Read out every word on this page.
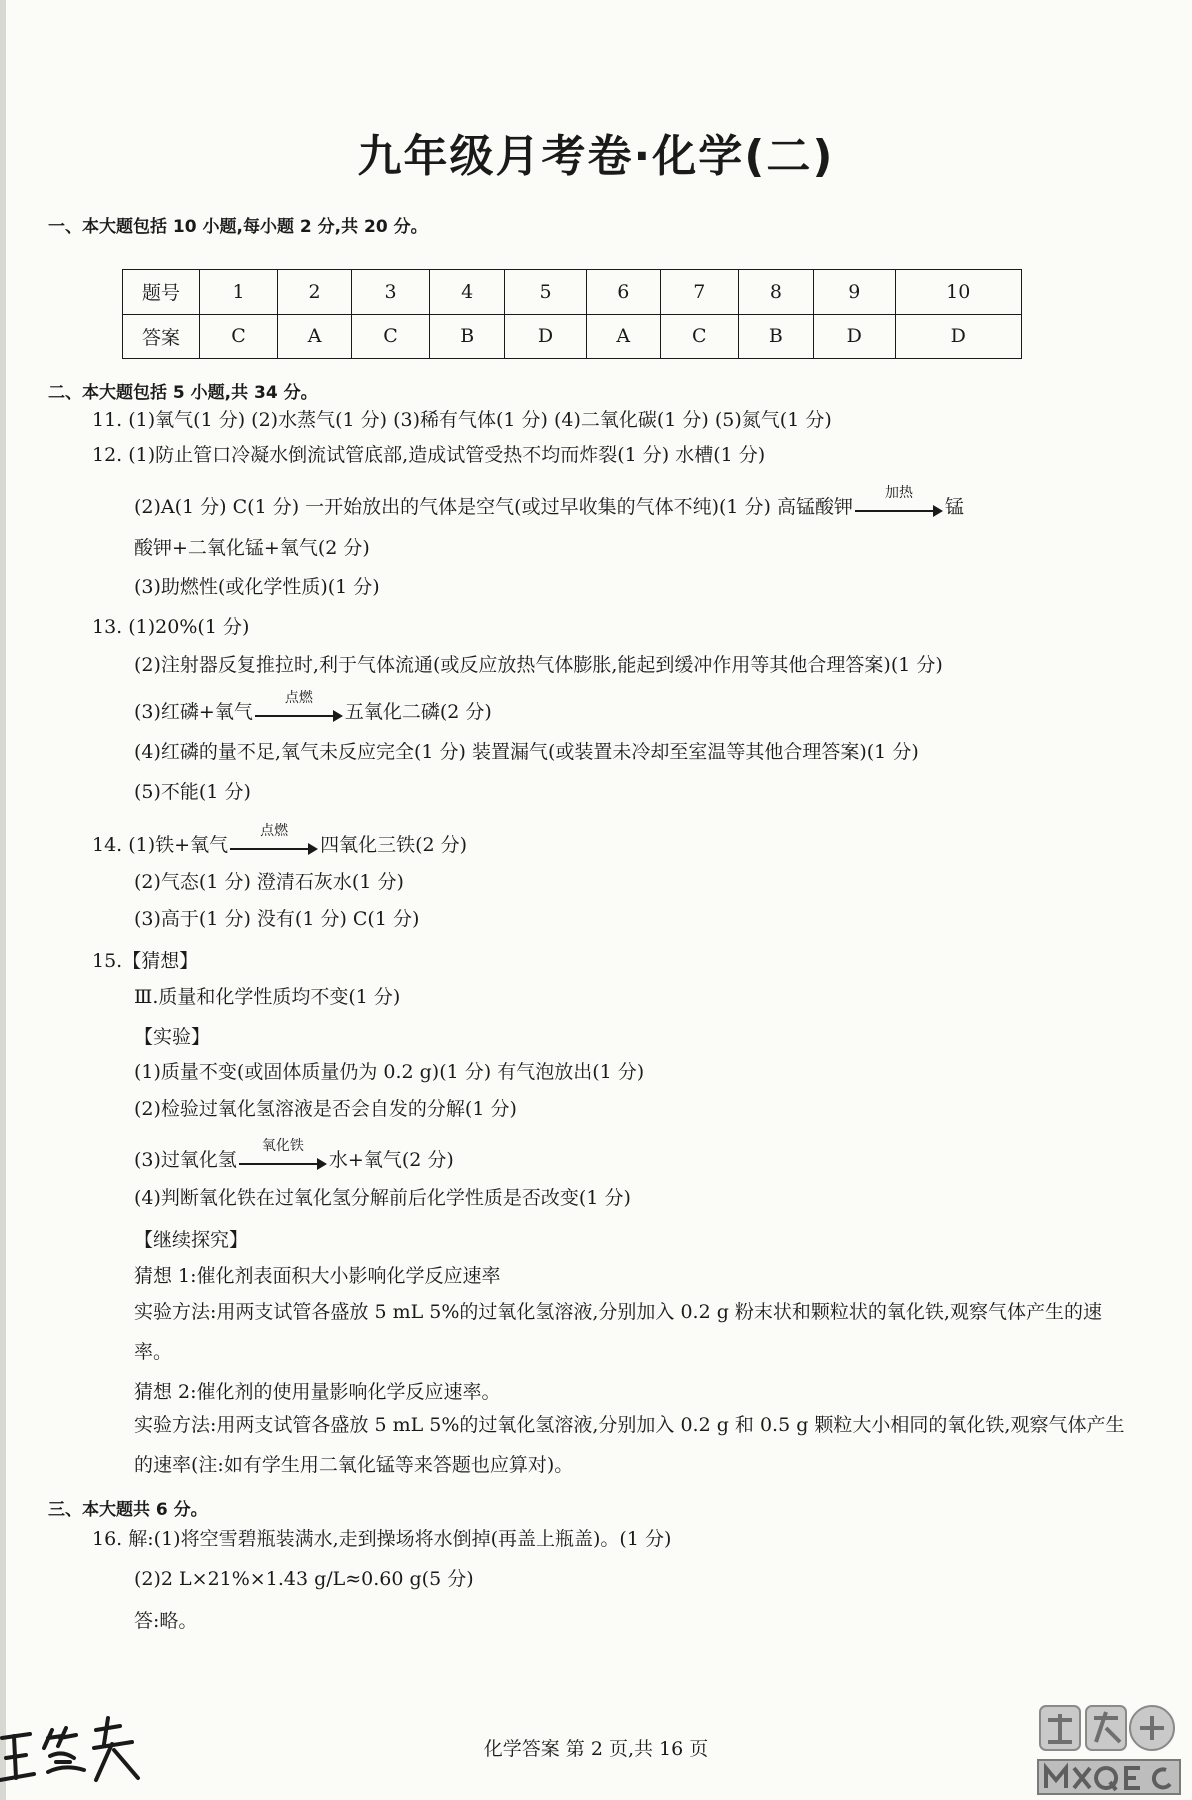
九年级月考卷·化学(二)
一、本大题包括 10 小题,每小题 2 分,共 20 分。
题号	1	2	3	4	5	6	7	8	9	10
答案	C	A	C	B	D	A	C	B	D	D
二、本大题包括 5 小题,共 34 分。
11. (1)氧气(1 分) (2)水蒸气(1 分) (3)稀有气体(1 分) (4)二氧化碳(1 分) (5)氮气(1 分)
12. (1)防止管口冷凝水倒流试管底部,造成试管受热不均而炸裂(1 分) 水槽(1 分)
(2)A(1 分) C(1 分) 一开始放出的气体是空气(或过早收集的气体不纯)(1 分) 高锰酸钾
加热
锰
酸钾+二氧化锰+氧气(2 分)
(3)助燃性(或化学性质)(1 分)
13. (1)20%(1 分)
(2)注射器反复推拉时,利于气体流通(或反应放热气体膨胀,能起到缓冲作用等其他合理答案)(1 分)
(3)红磷+氧气
点燃
五氧化二磷(2 分)
(4)红磷的量不足,氧气未反应完全(1 分) 装置漏气(或装置未冷却至室温等其他合理答案)(1 分)
(5)不能(1 分)
14. (1)铁+氧气
点燃
四氧化三铁(2 分)
(2)气态(1 分) 澄清石灰水(1 分)
(3)高于(1 分) 没有(1 分) C(1 分)
15.【猜想】
Ⅲ.质量和化学性质均不变(1 分)
【实验】
(1)质量不变(或固体质量仍为 0.2 g)(1 分) 有气泡放出(1 分)
(2)检验过氧化氢溶液是否会自发的分解(1 分)
(3)过氧化氢
氧化铁
水+氧气(2 分)
(4)判断氧化铁在过氧化氢分解前后化学性质是否改变(1 分)
【继续探究】
猜想 1:催化剂表面积大小影响化学反应速率
实验方法:用两支试管各盛放 5 mL 5%的过氧化氢溶液,分别加入 0.2 g 粉末状和颗粒状的氧化铁,观察气体产生的速率。
猜想 2:催化剂的使用量影响化学反应速率。
实验方法:用两支试管各盛放 5 mL 5%的过氧化氢溶液,分别加入 0.2 g 和 0.5 g 颗粒大小相同的氧化铁,观察气体产生的速率(注:如有学生用二氧化锰等来答题也应算对)。
三、本大题共 6 分。
16. 解:(1)将空雪碧瓶装满水,走到操场将水倒掉(再盖上瓶盖)。(1 分)
(2)2 L×21%×1.43 g/L≈0.60 g(5 分)
答:略。
化学答案 第 2 页,共 16 页
